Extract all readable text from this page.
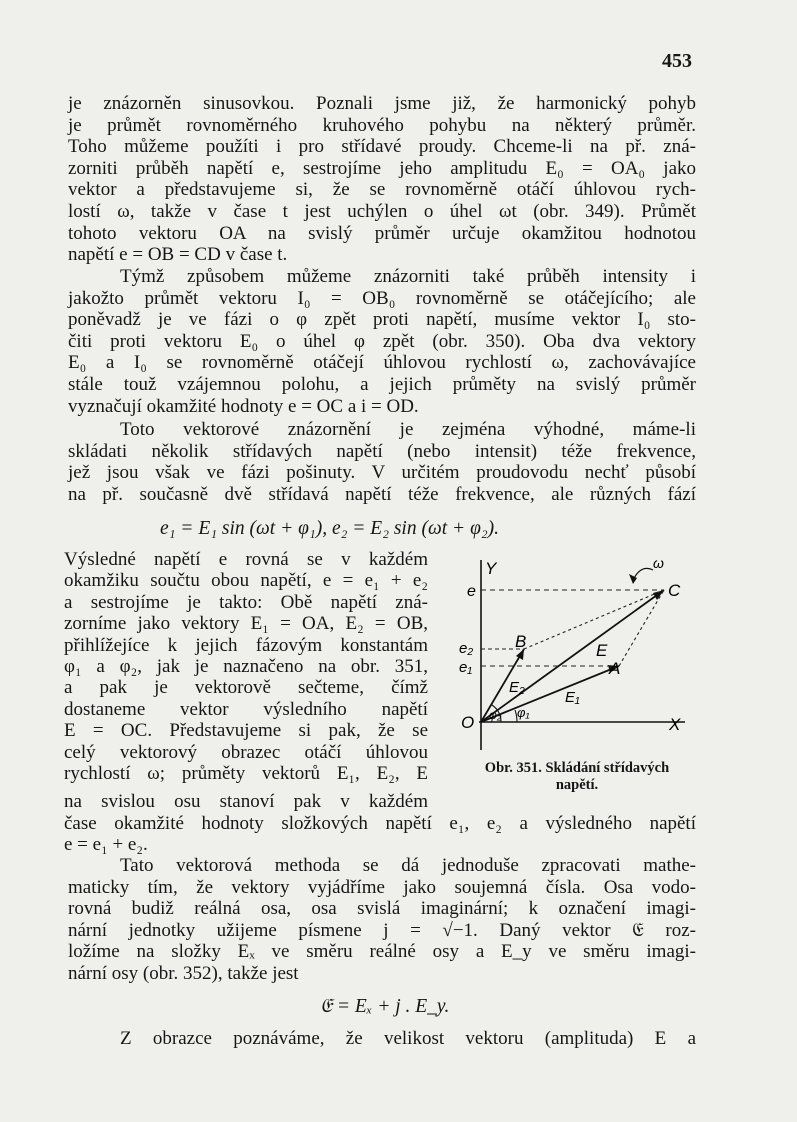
453
je znázorněn sinusovkou. Poznali jsme již, že harmonický pohyb
je průmět rovnoměrného kruhového pohybu na některý průměr.
Toho můžeme použíti i pro střídavé proudy. Chceme-li na př. zná-
zorniti průběh napětí e, sestrojíme jeho amplitudu E₀ = OA₀ jako
vektor a představujeme si, že se rovnoměrně otáčí úhlovou rych-
lostí ω, takže v čase t jest uchýlen o úhel ωt (obr. 349). Průmět
tohoto vektoru OA na svislý průměr určuje okamžitou hodnotou
napětí e = OB = CD v čase t.
Týmž způsobem můžeme znázorniti také průběh intensity i
jakožto průmět vektoru I₀ = OB₀ rovnoměrně se otáčejícího; ale
poněvadž je ve fázi o φ zpět proti napětí, musíme vektor I₀ sto-
čiti proti vektoru E₀ o úhel φ zpět (obr. 350). Oba dva vektory
E₀ a I₀ se rovnoměrně otáčejí úhlovou rychlostí ω, zachovávajíce
stále touž vzájemnou polohu, a jejich průměty na svislý průměr
vyznačují okamžité hodnoty e = OC a i = OD.
Toto vektorové znázornění je zejména výhodné, máme-li
skládati několik střídavých napětí (nebo intensit) téže frekvence,
jež jsou však ve fázi pošinuty. V určitém proudovodu nechť působí
na př. současně dvě střídavá napětí téže frekvence, ale různých fází
e₁ = E₁ sin (ωt + φ₁), e₂ = E₂ sin (ωt + φ₂).
Výsledné napětí e rovná se v každém
okamžiku součtu obou napětí, e = e₁ + e₂
a sestrojíme je takto: Obě napětí zná-
zorníme jako vektory E₁ = OA, E₂ = OB,
přihlížejíce k jejich fázovým konstantám
φ₁ a φ₂, jak je naznačeno na obr. 351,
a pak je vektorově sečteme, čímž
dostaneme vektor výsledního napětí
E = OC. Představujeme si pak, že se
celý vektorový obrazec otáčí úhlovou
rychlostí ω; průměty vektorů E₁, E₂, E
na svislou osu stanoví pak v každém
čase okamžité hodnoty složkových napětí e₁, e₂ a výsledného napětí
e = e₁ + e₂.
Tato vektorová methoda se dá jednoduše zpracovati mathe-
maticky tím, že vektory vyjádříme jako soujemná čísla. Osa vodo-
rovná budiž reálná osa, osa svislá imaginární; k označení imagi-
nární jednotky užijeme písmene j = √−1. Daný vektor 𝔈 roz-
ložíme na složky Eₓ ve směru reálné osy a E_y ve směru imagi-
nární osy (obr. 352), takže jest
𝔈 = Eₓ + j . E_y.
Z obrazce poznáváme, že velikost vektoru (amplituda) E a
Y
X
O
A
B
C
E
E₁
E₂
e
e₂
e₁
φ₁
φ₂
ω
Obr. 351. Skládání střídavých
napětí.
